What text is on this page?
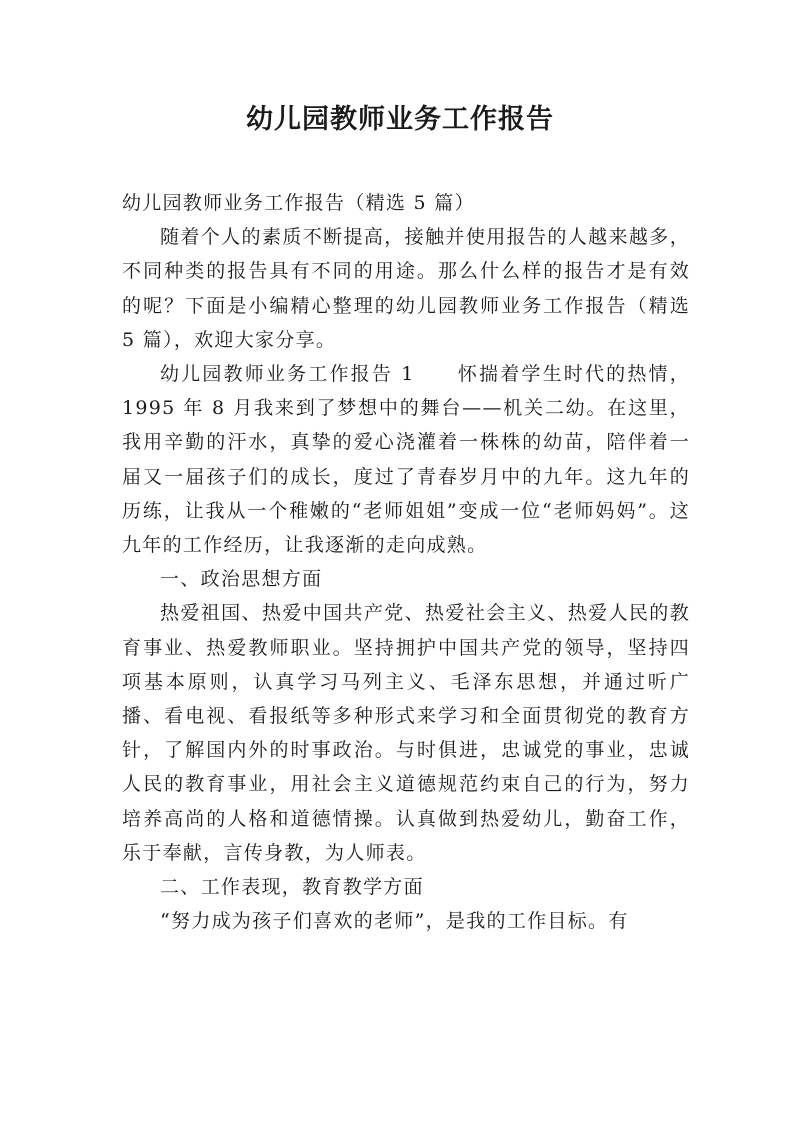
幼儿园教师业务工作报告

幼儿园教师业务工作报告（精选 5 篇）

随着个人的素质不断提高，接触并使用报告的人越来越多，不同种类的报告具有不同的用途。那么什么样的报告才是有效的呢？下面是小编精心整理的幼儿园教师业务工作报告（精选 5 篇），欢迎大家分享。

幼儿园教师业务工作报告 1　　怀揣着学生时代的热情，1995 年 8 月我来到了梦想中的舞台——机关二幼。在这里，我用辛勤的汗水，真挚的爱心浇灌着一株株的幼苗，陪伴着一届又一届孩子们的成长，度过了青春岁月中的九年。这九年的历练，让我从一个稚嫩的“老师姐姐”变成一位“老师妈妈”。这九年的工作经历，让我逐渐的走向成熟。

一、政治思想方面

热爱祖国、热爱中国共产党、热爱社会主义、热爱人民的教育事业、热爱教师职业。坚持拥护中国共产党的领导，坚持四项基本原则，认真学习马列主义、毛泽东思想，并通过听广播、看电视、看报纸等多种形式来学习和全面贯彻党的教育方针，了解国内外的时事政治。与时俱进，忠诚党的事业，忠诚人民的教育事业，用社会主义道德规范约束自己的行为，努力培养高尚的人格和道德情操。认真做到热爱幼儿，勤奋工作，乐于奉献，言传身教，为人师表。

二、工作表现，教育教学方面

“努力成为孩子们喜欢的老师”，是我的工作目标。有
